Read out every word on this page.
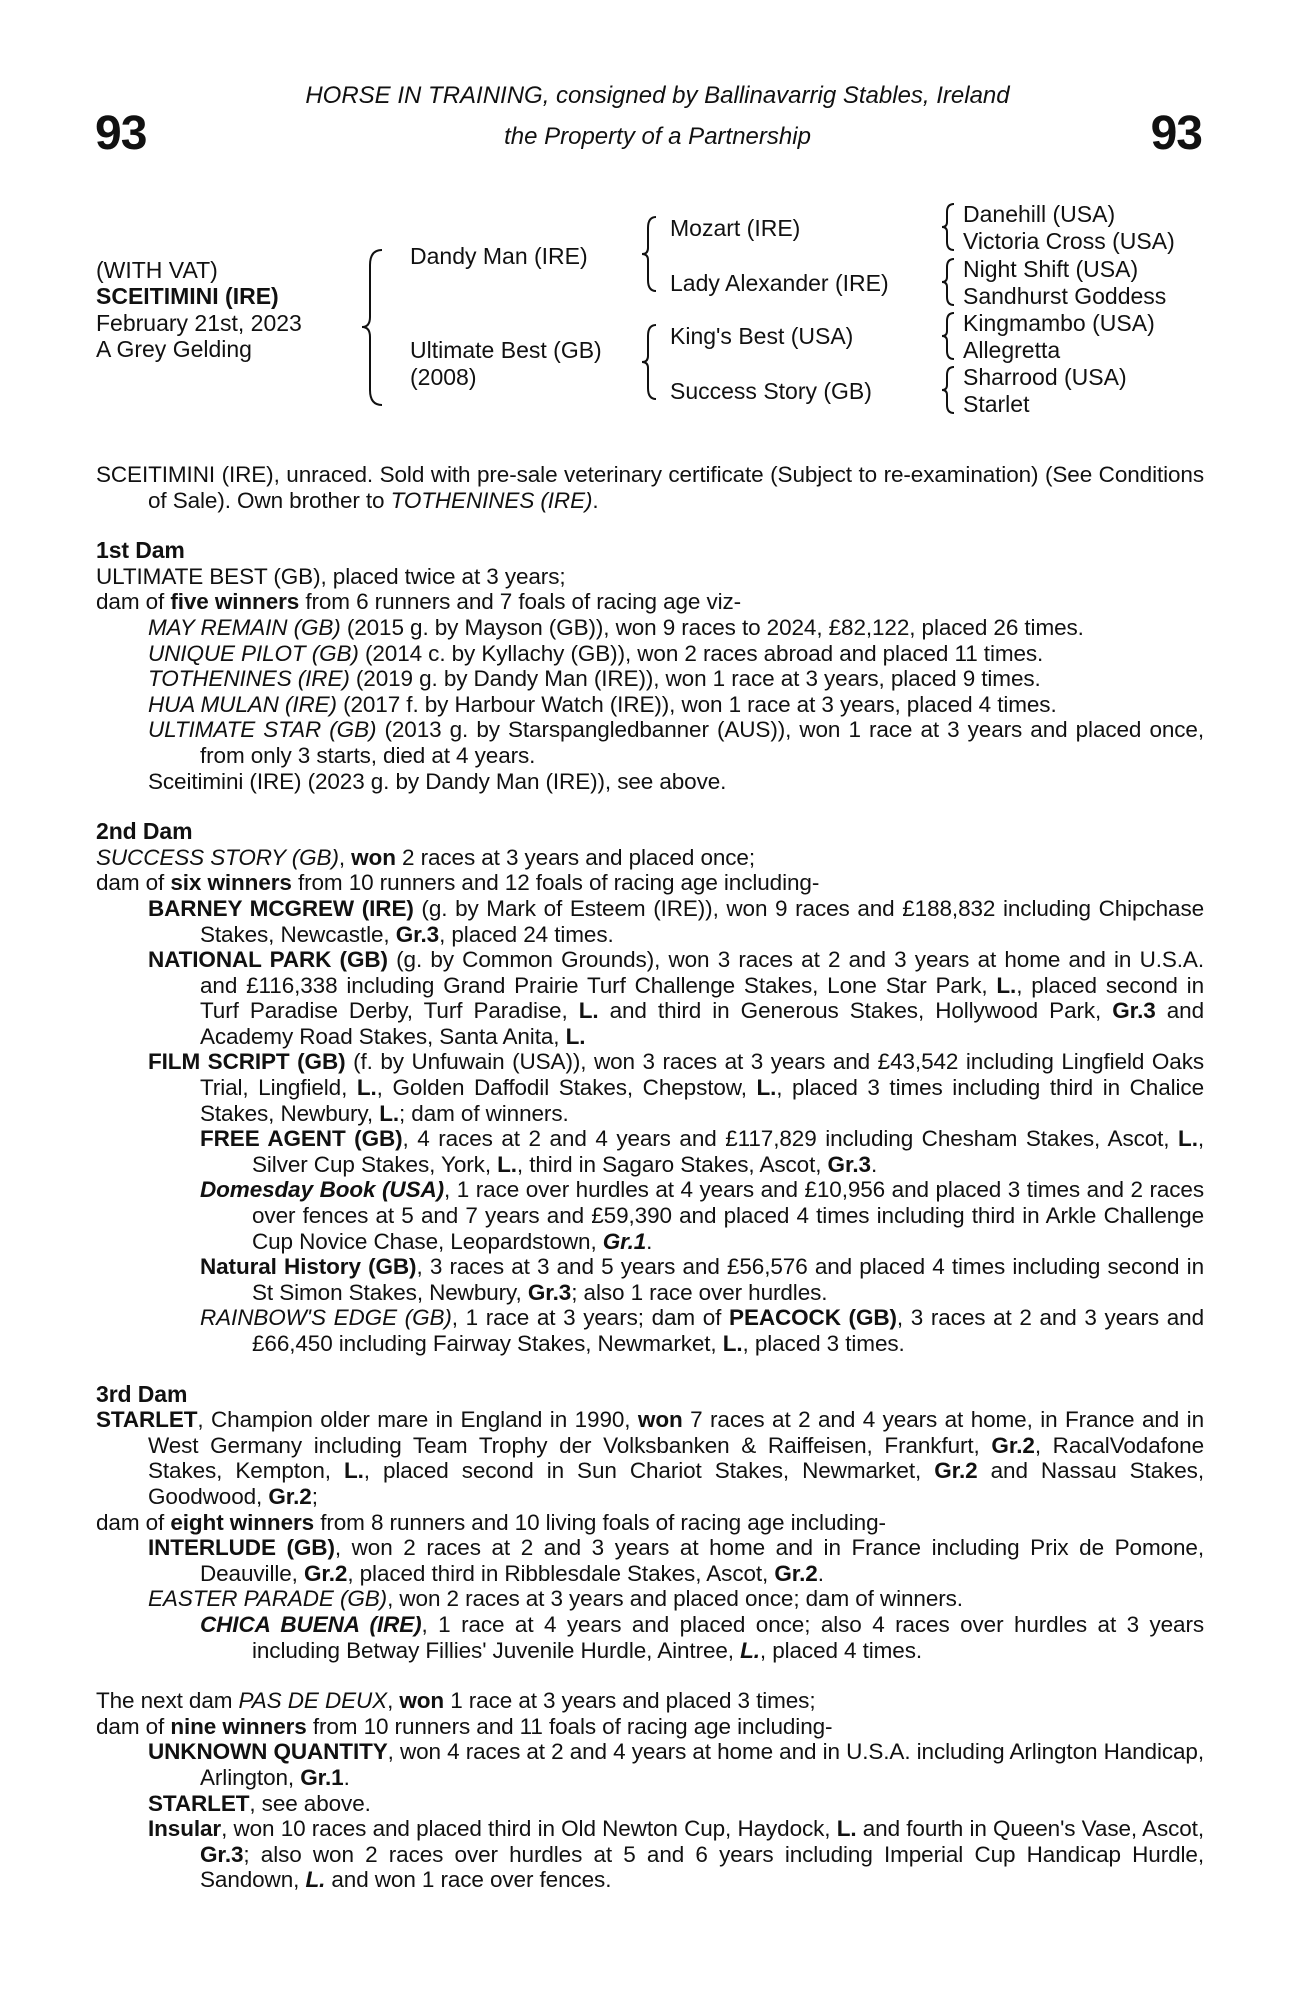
93	93
HORSE IN TRAINING, consigned by Ballinavarrig Stables, Ireland
the Property of a Partnership
(WITH VAT)
SCEITIMINI (IRE)
February 21st, 2023
A Grey Gelding
Dandy Man (IRE)
Ultimate Best (GB)
(2008)
Mozart (IRE)
Lady Alexander (IRE)
King's Best (USA)
Success Story (GB)
Danehill (USA)
Victoria Cross (USA)
Night Shift (USA)
Sandhurst Goddess
Kingmambo (USA)
Allegretta
Sharrood (USA)
Starlet

SCEITIMINI (IRE), unraced. Sold with pre-sale veterinary certificate (Subject to re-examination) (See Conditions of Sale). Own brother to TOTHENINES (IRE).

1st Dam

ULTIMATE BEST (GB), placed twice at 3 years;

dam of five winners from 6 runners and 7 foals of racing age viz-

MAY REMAIN (GB) (2015 g. by Mayson (GB)), won 9 races to 2024, £82,122, placed 26 times.

UNIQUE PILOT (GB) (2014 c. by Kyllachy (GB)), won 2 races abroad and placed 11 times.

TOTHENINES (IRE) (2019 g. by Dandy Man (IRE)), won 1 race at 3 years, placed 9 times.

HUA MULAN (IRE) (2017 f. by Harbour Watch (IRE)), won 1 race at 3 years, placed 4 times.

ULTIMATE STAR (GB) (2013 g. by Starspangledbanner (AUS)), won 1 race at 3 years and placed once, from only 3 starts, died at 4 years.

Sceitimini (IRE) (2023 g. by Dandy Man (IRE)), see above.

2nd Dam

SUCCESS STORY (GB), won 2 races at 3 years and placed once;

dam of six winners from 10 runners and 12 foals of racing age including-

BARNEY MCGREW (IRE) (g. by Mark of Esteem (IRE)), won 9 races and £188,832 including Chipchase Stakes, Newcastle, Gr.3, placed 24 times.

NATIONAL PARK (GB) (g. by Common Grounds), won 3 races at 2 and 3 years at home and in U.S.A. and £116,338 including Grand Prairie Turf Challenge Stakes, Lone Star Park, L., placed second in Turf Paradise Derby, Turf Paradise, L. and third in Generous Stakes, Hollywood Park, Gr.3 and Academy Road Stakes, Santa Anita, L.

FILM SCRIPT (GB) (f. by Unfuwain (USA)), won 3 races at 3 years and £43,542 including Lingfield Oaks Trial, Lingfield, L., Golden Daffodil Stakes, Chepstow, L., placed 3 times including third in Chalice Stakes, Newbury, L.; dam of winners.

FREE AGENT (GB), 4 races at 2 and 4 years and £117,829 including Chesham Stakes, Ascot, L., Silver Cup Stakes, York, L., third in Sagaro Stakes, Ascot, Gr.3.

Domesday Book (USA), 1 race over hurdles at 4 years and £10,956 and placed 3 times and 2 races over fences at 5 and 7 years and £59,390 and placed 4 times including third in Arkle Challenge Cup Novice Chase, Leopardstown, Gr.1.

Natural History (GB), 3 races at 3 and 5 years and £56,576 and placed 4 times including second in St Simon Stakes, Newbury, Gr.3; also 1 race over hurdles.

RAINBOW'S EDGE (GB), 1 race at 3 years; dam of PEACOCK (GB), 3 races at 2 and 3 years and £66,450 including Fairway Stakes, Newmarket, L., placed 3 times.

3rd Dam

STARLET, Champion older mare in England in 1990, won 7 races at 2 and 4 years at home, in France and in West Germany including Team Trophy der Volksbanken & Raiffeisen, Frankfurt, Gr.2, RacalVodafone Stakes, Kempton, L., placed second in Sun Chariot Stakes, Newmarket, Gr.2 and Nassau Stakes, Goodwood, Gr.2;

dam of eight winners from 8 runners and 10 living foals of racing age including-

INTERLUDE (GB), won 2 races at 2 and 3 years at home and in France including Prix de Pomone, Deauville, Gr.2, placed third in Ribblesdale Stakes, Ascot, Gr.2.

EASTER PARADE (GB), won 2 races at 3 years and placed once; dam of winners.

CHICA BUENA (IRE), 1 race at 4 years and placed once; also 4 races over hurdles at 3 years including Betway Fillies' Juvenile Hurdle, Aintree, L., placed 4 times.

The next dam PAS DE DEUX, won 1 race at 3 years and placed 3 times;

dam of nine winners from 10 runners and 11 foals of racing age including-

UNKNOWN QUANTITY, won 4 races at 2 and 4 years at home and in U.S.A. including Arlington Handicap, Arlington, Gr.1.

STARLET, see above.

Insular, won 10 races and placed third in Old Newton Cup, Haydock, L. and fourth in Queen's Vase, Ascot, Gr.3; also won 2 races over hurdles at 5 and 6 years including Imperial Cup Handicap Hurdle, Sandown, L. and won 1 race over fences.
